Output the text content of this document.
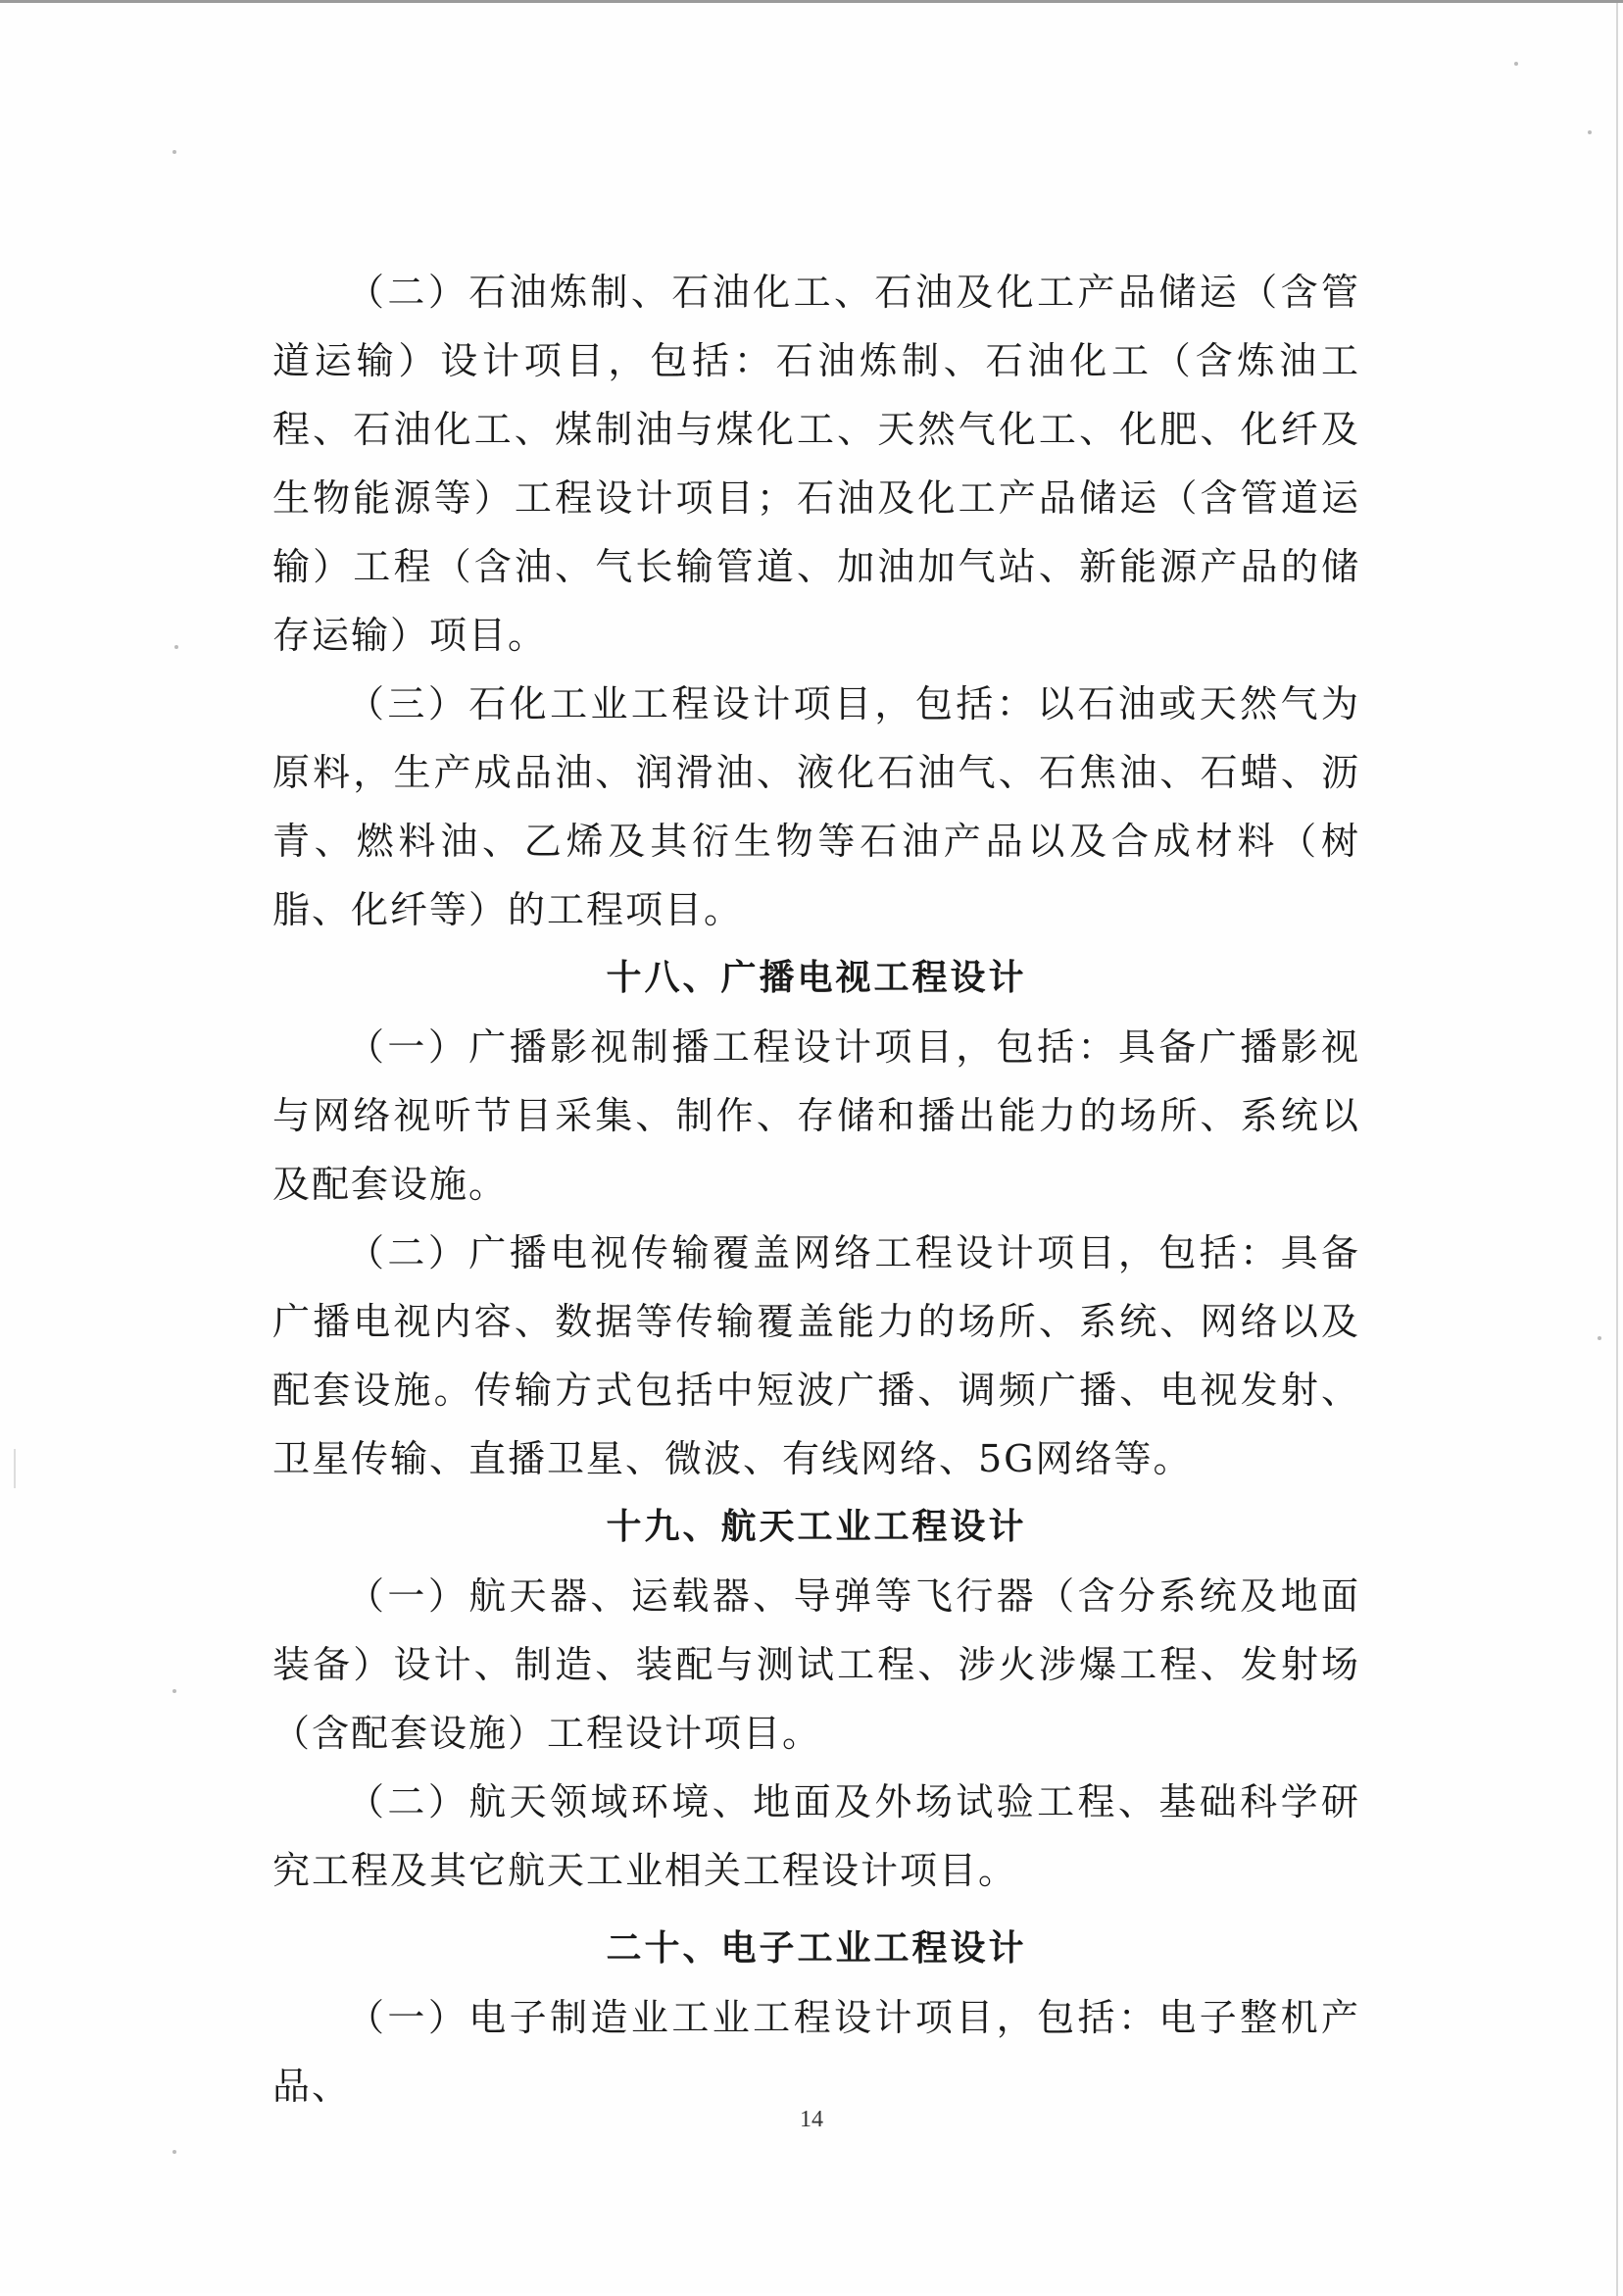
（二）石油炼制、石油化工、石油及化工产品储运（含管道运输）设计项目，包括：石油炼制、石油化工（含炼油工程、石油化工、煤制油与煤化工、天然气化工、化肥、化纤及生物能源等）工程设计项目；石油及化工产品储运（含管道运输）工程（含油、气长输管道、加油加气站、新能源产品的储存运输）项目。

（三）石化工业工程设计项目，包括：以石油或天然气为原料，生产成品油、润滑油、液化石油气、石焦油、石蜡、沥青、燃料油、乙烯及其衍生物等石油产品以及合成材料（树脂、化纤等）的工程项目。

十八、广播电视工程设计

（一）广播影视制播工程设计项目，包括：具备广播影视与网络视听节目采集、制作、存储和播出能力的场所、系统以及配套设施。

（二）广播电视传输覆盖网络工程设计项目，包括：具备广播电视内容、数据等传输覆盖能力的场所、系统、网络以及配套设施。传输方式包括中短波广播、调频广播、电视发射、卫星传输、直播卫星、微波、有线网络、5G网络等。

十九、航天工业工程设计

（一）航天器、运载器、导弹等飞行器（含分系统及地面装备）设计、制造、装配与测试工程、涉火涉爆工程、发射场（含配套设施）工程设计项目。

（二）航天领域环境、地面及外场试验工程、基础科学研究工程及其它航天工业相关工程设计项目。

二十、电子工业工程设计

（一）电子制造业工业工程设计项目，包括：电子整机产品、

14
